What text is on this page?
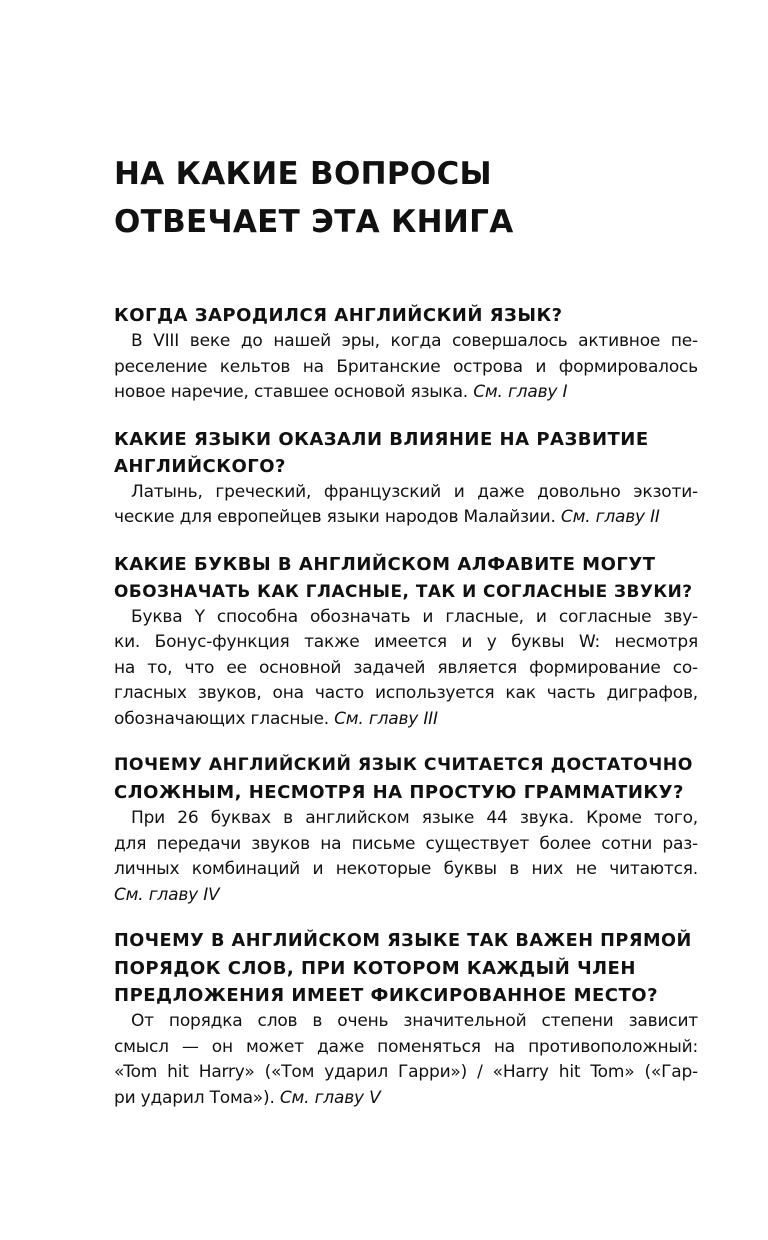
НА КАКИЕ ВОПРОСЫ
ОТВЕЧАЕТ ЭТА КНИГА
КОГДА ЗАРОДИЛСЯ АНГЛИЙСКИЙ ЯЗЫК?

В VIII веке до нашей эры, когда совершалось активное пе-
реселение кельтов на Британские острова и формировалось
новое наречие, ставшее основой языка. См. главу I

КАКИЕ ЯЗЫКИ ОКАЗАЛИ ВЛИЯНИЕ НА РАЗВИТИЕ
АНГЛИЙСКОГО?

Латынь, греческий, французский и даже довольно экзоти-
ческие для европейцев языки народов Малайзии. См. главу II

КАКИЕ БУКВЫ В АНГЛИЙСКОМ АЛФАВИТЕ МОГУТ
ОБОЗНАЧАТЬ КАК ГЛАСНЫЕ, ТАК И СОГЛАСНЫЕ ЗВУКИ?

Буква Y способна обозначать и гласные, и согласные зву-
ки. Бонус-функция также имеется и у буквы W: несмотря
на то, что ее основной задачей является формирование со-
гласных звуков, она часто используется как часть диграфов,
обозначающих гласные. См. главу III

ПОЧЕМУ АНГЛИЙСКИЙ ЯЗЫК СЧИТАЕТСЯ ДОСТАТОЧНО
СЛОЖНЫМ, НЕСМОТРЯ НА ПРОСТУЮ ГРАММАТИКУ?

При 26 буквах в английском языке 44 звука. Кроме того,
для передачи звуков на письме существует более сотни раз-
личных комбинаций и некоторые буквы в них не читаются.
См. главу IV

ПОЧЕМУ В АНГЛИЙСКОМ ЯЗЫКЕ ТАК ВАЖЕН ПРЯМОЙ
ПОРЯДОК СЛОВ, ПРИ КОТОРОМ КАЖДЫЙ ЧЛЕН
ПРЕДЛОЖЕНИЯ ИМЕЕТ ФИКСИРОВАННОЕ МЕСТО?

От порядка слов в очень значительной степени зависит
смысл — он может даже поменяться на противоположный:
«Tom hit Harry» («Том ударил Гарри») / «Harry hit Tom» («Гар-
ри ударил Тома»). См. главу V
